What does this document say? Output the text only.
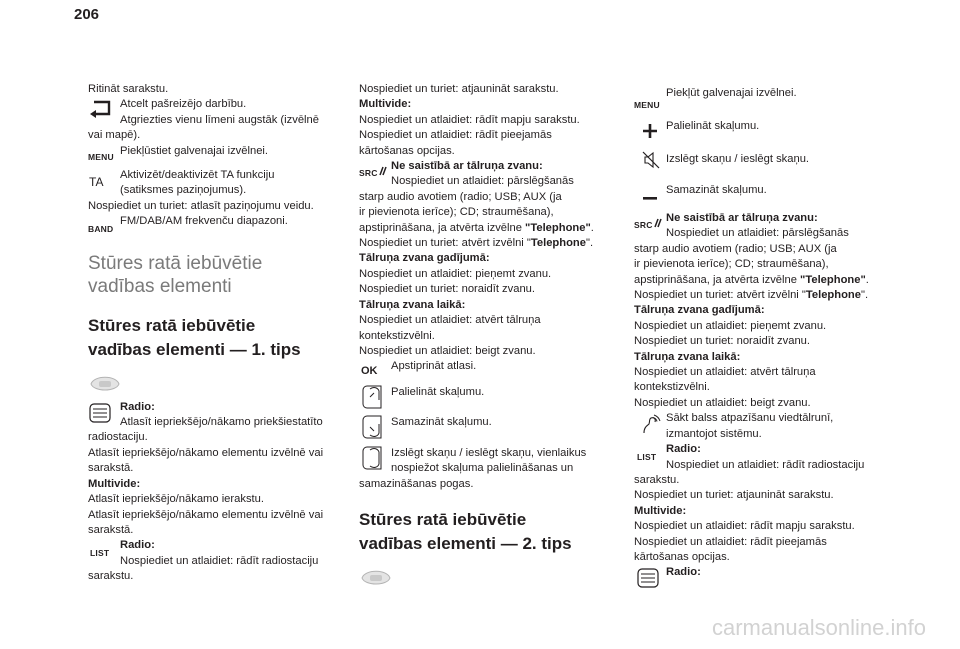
206

Ritināt sarakstu.

Atcelt pašreizējo darbību.

Atgriezties vienu līmeni augstāk (izvēlnē

vai mapē).

MENU Piekļūstiet galvenajai izvēlnei.

TA	Aktivizēt/deaktivizēt TA funkciju

(satiksmes paziņojumus).

Nospiediet un turiet: atlasīt paziņojumu veidu.

BAND

FM/DAB/AM frekvenču diapazoni.

Stūres ratā iebūvētie
vadības elementi
Stūres ratā iebūvētie
vadības elementi — 1. tips

Radio:

Atlasīt iepriekšējo/nākamo priekšiestatīto

radiostaciju.

Atlasīt iepriekšējo/nākamo elementu izvēlnē vai

sarakstā.

Multivide:

Atlasīt iepriekšējo/nākamo ierakstu.

Atlasīt iepriekšējo/nākamo elementu izvēlnē vai

sarakstā.

LIST

Radio:

Nospiediet un atlaidiet: rādīt radiostaciju

sarakstu.

Nospiediet un turiet: atjaunināt sarakstu.

Multivide:

Nospiediet un atlaidiet: rādīt mapju sarakstu.

Nospiediet un atlaidiet: rādīt pieejamās

kārtošanas opcijas.

SRC

Ne saistībā ar tālruņa zvanu:

Nospiediet un atlaidiet: pārslēgšanās

starp audio avotiem (radio; USB; AUX (ja

ir pievienota ierīce); CD; straumēšana),

apstiprināšana, ja atvērta izvēlne "Telephone".

Nospiediet un turiet: atvērt izvēlni "Telephone".

Tālruņa zvana gadījumā:

Nospiediet un atlaidiet: pieņemt zvanu.

Nospiediet un turiet: noraidīt zvanu.

Tālruņa zvana laikā:

Nospiediet un atlaidiet: atvērt tālruņa

kontekstizvēlni.

Nospiediet un atlaidiet: beigt zvanu.

OK	Apstiprināt atlasi.

Palielināt skaļumu.

Samazināt skaļumu.

Izslēgt skaņu / ieslēgt skaņu, vienlaikus

nospiežot skaļuma palielināšanas un

samazināšanas pogas.

Stūres ratā iebūvētie
vadības elementi — 2. tips
MENU

Piekļūt galvenajai izvēlnei.

Palielināt skaļumu.

Izslēgt skaņu / ieslēgt skaņu.

Samazināt skaļumu.

SRC

Ne saistībā ar tālruņa zvanu:

Nospiediet un atlaidiet: pārslēgšanās

starp audio avotiem (radio; USB; AUX (ja

ir pievienota ierīce); CD; straumēšana),

apstiprināšana, ja atvērta izvēlne "Telephone".

Nospiediet un turiet: atvērt izvēlni "Telephone".

Tālruņa zvana gadījumā:

Nospiediet un atlaidiet: pieņemt zvanu.

Nospiediet un turiet: noraidīt zvanu.

Tālruņa zvana laikā:

Nospiediet un atlaidiet: atvērt tālruņa

kontekstizvēlni.

Nospiediet un atlaidiet: beigt zvanu.

Sākt balss atpazīšanu viedtālrunī,

izmantojot sistēmu.

LIST

Radio:

Nospiediet un atlaidiet: rādīt radiostaciju

sarakstu.

Nospiediet un turiet: atjaunināt sarakstu.

Multivide:

Nospiediet un atlaidiet: rādīt mapju sarakstu.

Nospiediet un atlaidiet: rādīt pieejamās

kārtošanas opcijas.

Radio:

carmanualsonline.info
